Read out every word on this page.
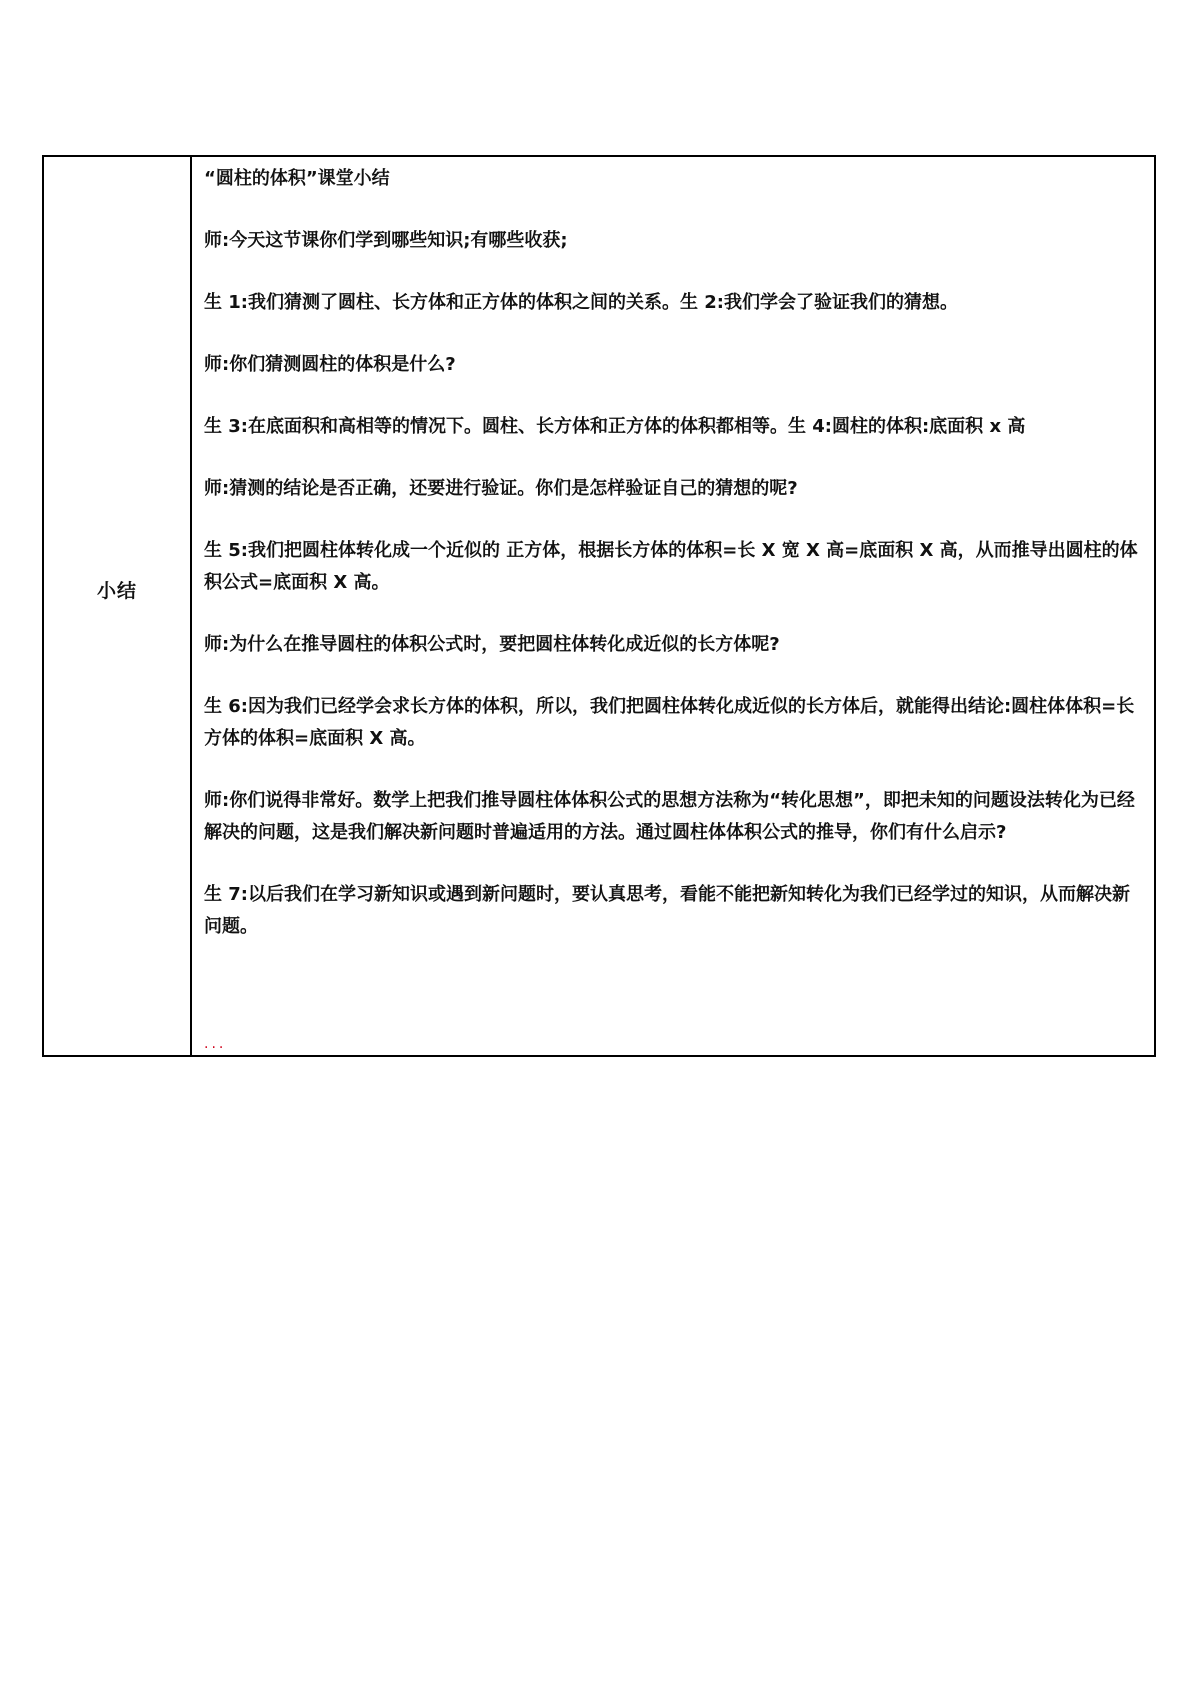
小结

“圆柱的体积”课堂小结

师:今天这节课你们学到哪些知识;有哪些收获;

生 1:我们猜测了圆柱、长方体和正方体的体积之间的关系。生 2:我们学会了验证我们的猜想。

师:你们猜测圆柱的体积是什么?

生 3:在底面积和高相等的情况下。圆柱、长方体和正方体的体积都相等。生 4:圆柱的体积:底面积 x 高

师:猜测的结论是否正确，还要进行验证。你们是怎样验证自己的猜想的呢?

生 5:我们把圆柱体转化成一个近似的 正方体，根据长方体的体积=长 X 宽 X 高=底面积 X 高，从而推导出圆柱的体积公式=底面积 X 高。

师:为什么在推导圆柱的体积公式时，要把圆柱体转化成近似的长方体呢?

生 6:因为我们已经学会求长方体的体积，所以，我们把圆柱体转化成近似的长方体后，就能得出结论:圆柱体体积=长方体的体积=底面积 X 高。

师:你们说得非常好。数学上把我们推导圆柱体体积公式的思想方法称为“转化思想”，即把未知的问题设法转化为已经解决的问题，这是我们解决新问题时普遍适用的方法。通过圆柱体体积公式的推导，你们有什么启示?

生 7:以后我们在学习新知识或遇到新问题时，要认真思考，看能不能把新知转化为我们已经学过的知识，从而解决新问题。

...
